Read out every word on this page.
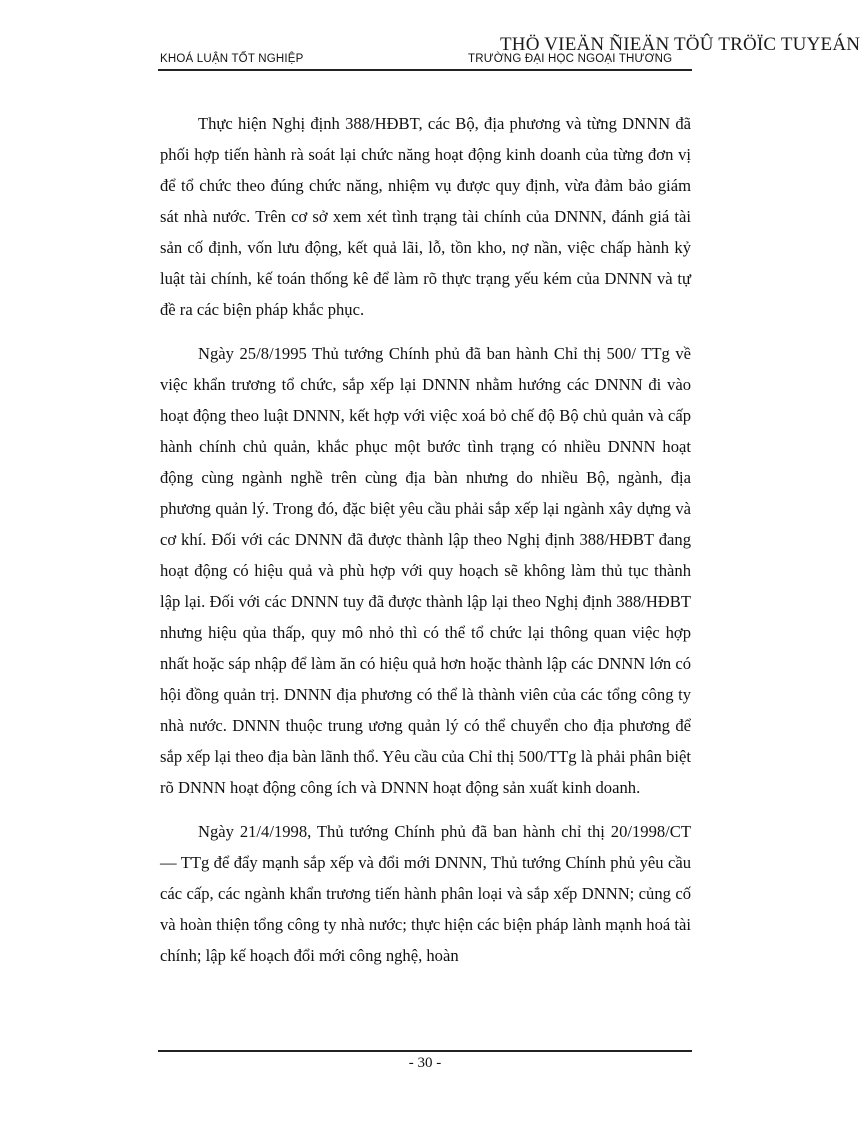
KHOÁ LUẬN TỐT NGHIỆP	TRƯỜNG ĐẠI HỌC NGOẠI THƯƠNG
THÖ VIEÄN ÑIEÄN TÖÛ TRÖÏC TUYEÁN

Thực hiện Nghị định 388/HĐBT, các Bộ, địa phương và từng DNNN đã phối hợp tiến hành rà soát lại chức năng hoạt động kinh doanh của từng đơn vị để tổ chức theo đúng chức năng, nhiệm vụ được quy định, vừa đảm bảo giám sát nhà nước. Trên cơ sở xem xét tình trạng tài chính của DNNN, đánh giá tài sản cố định, vốn lưu động, kết quả lãi, lỗ, tồn kho, nợ nần, việc chấp hành kỷ luật tài chính, kế toán thống kê để làm rõ thực trạng yếu kém của DNNN và tự đề ra các biện pháp khắc phục.

Ngày 25/8/1995 Thủ tướng Chính phủ đã ban hành Chỉ thị 500/ TTg về việc khẩn trương tổ chức, sắp xếp lại DNNN nhằm hướng các DNNN đi vào hoạt động theo luật DNNN, kết hợp với việc xoá bỏ chế độ Bộ chủ quản và cấp hành chính chủ quản, khắc phục một bước tình trạng có nhiều DNNN hoạt động cùng ngành nghề trên cùng địa bàn nhưng do nhiều Bộ, ngành, địa phương quản lý. Trong đó, đặc biệt yêu cầu phải sắp xếp lại ngành xây dựng và cơ khí. Đối với các DNNN đã được thành lập theo Nghị định 388/HĐBT đang hoạt động có hiệu quả và phù hợp với quy hoạch sẽ không làm thủ tục thành lập lại. Đối với các DNNN tuy đã được thành lập lại theo Nghị định 388/HĐBT nhưng hiệu qủa thấp, quy mô nhỏ thì có thể tổ chức lại thông quan việc hợp nhất hoặc sáp nhập để làm ăn có hiệu quả hơn hoặc thành lập các DNNN lớn có hội đồng quản trị. DNNN địa phương có thể là thành viên của các tổng công ty nhà nước. DNNN thuộc trung ương quản lý có thể chuyển cho địa phương để sắp xếp lại theo địa bàn lãnh thổ. Yêu cầu của Chỉ thị 500/TTg là phải phân biệt rõ DNNN hoạt động công ích và DNNN hoạt động sản xuất kinh doanh.

Ngày 21/4/1998, Thủ tướng Chính phủ đã ban hành chỉ thị 20/1998/CT — TTg để đẩy mạnh sắp xếp và đổi mới DNNN, Thủ tướng Chính phủ yêu cầu các cấp, các ngành khẩn trương tiến hành phân loại và sắp xếp DNNN; củng cố và hoàn thiện tổng công ty nhà nước; thực hiện các biện pháp lành mạnh hoá tài chính; lập kế hoạch đổi mới công nghệ, hoàn

- 30 -
